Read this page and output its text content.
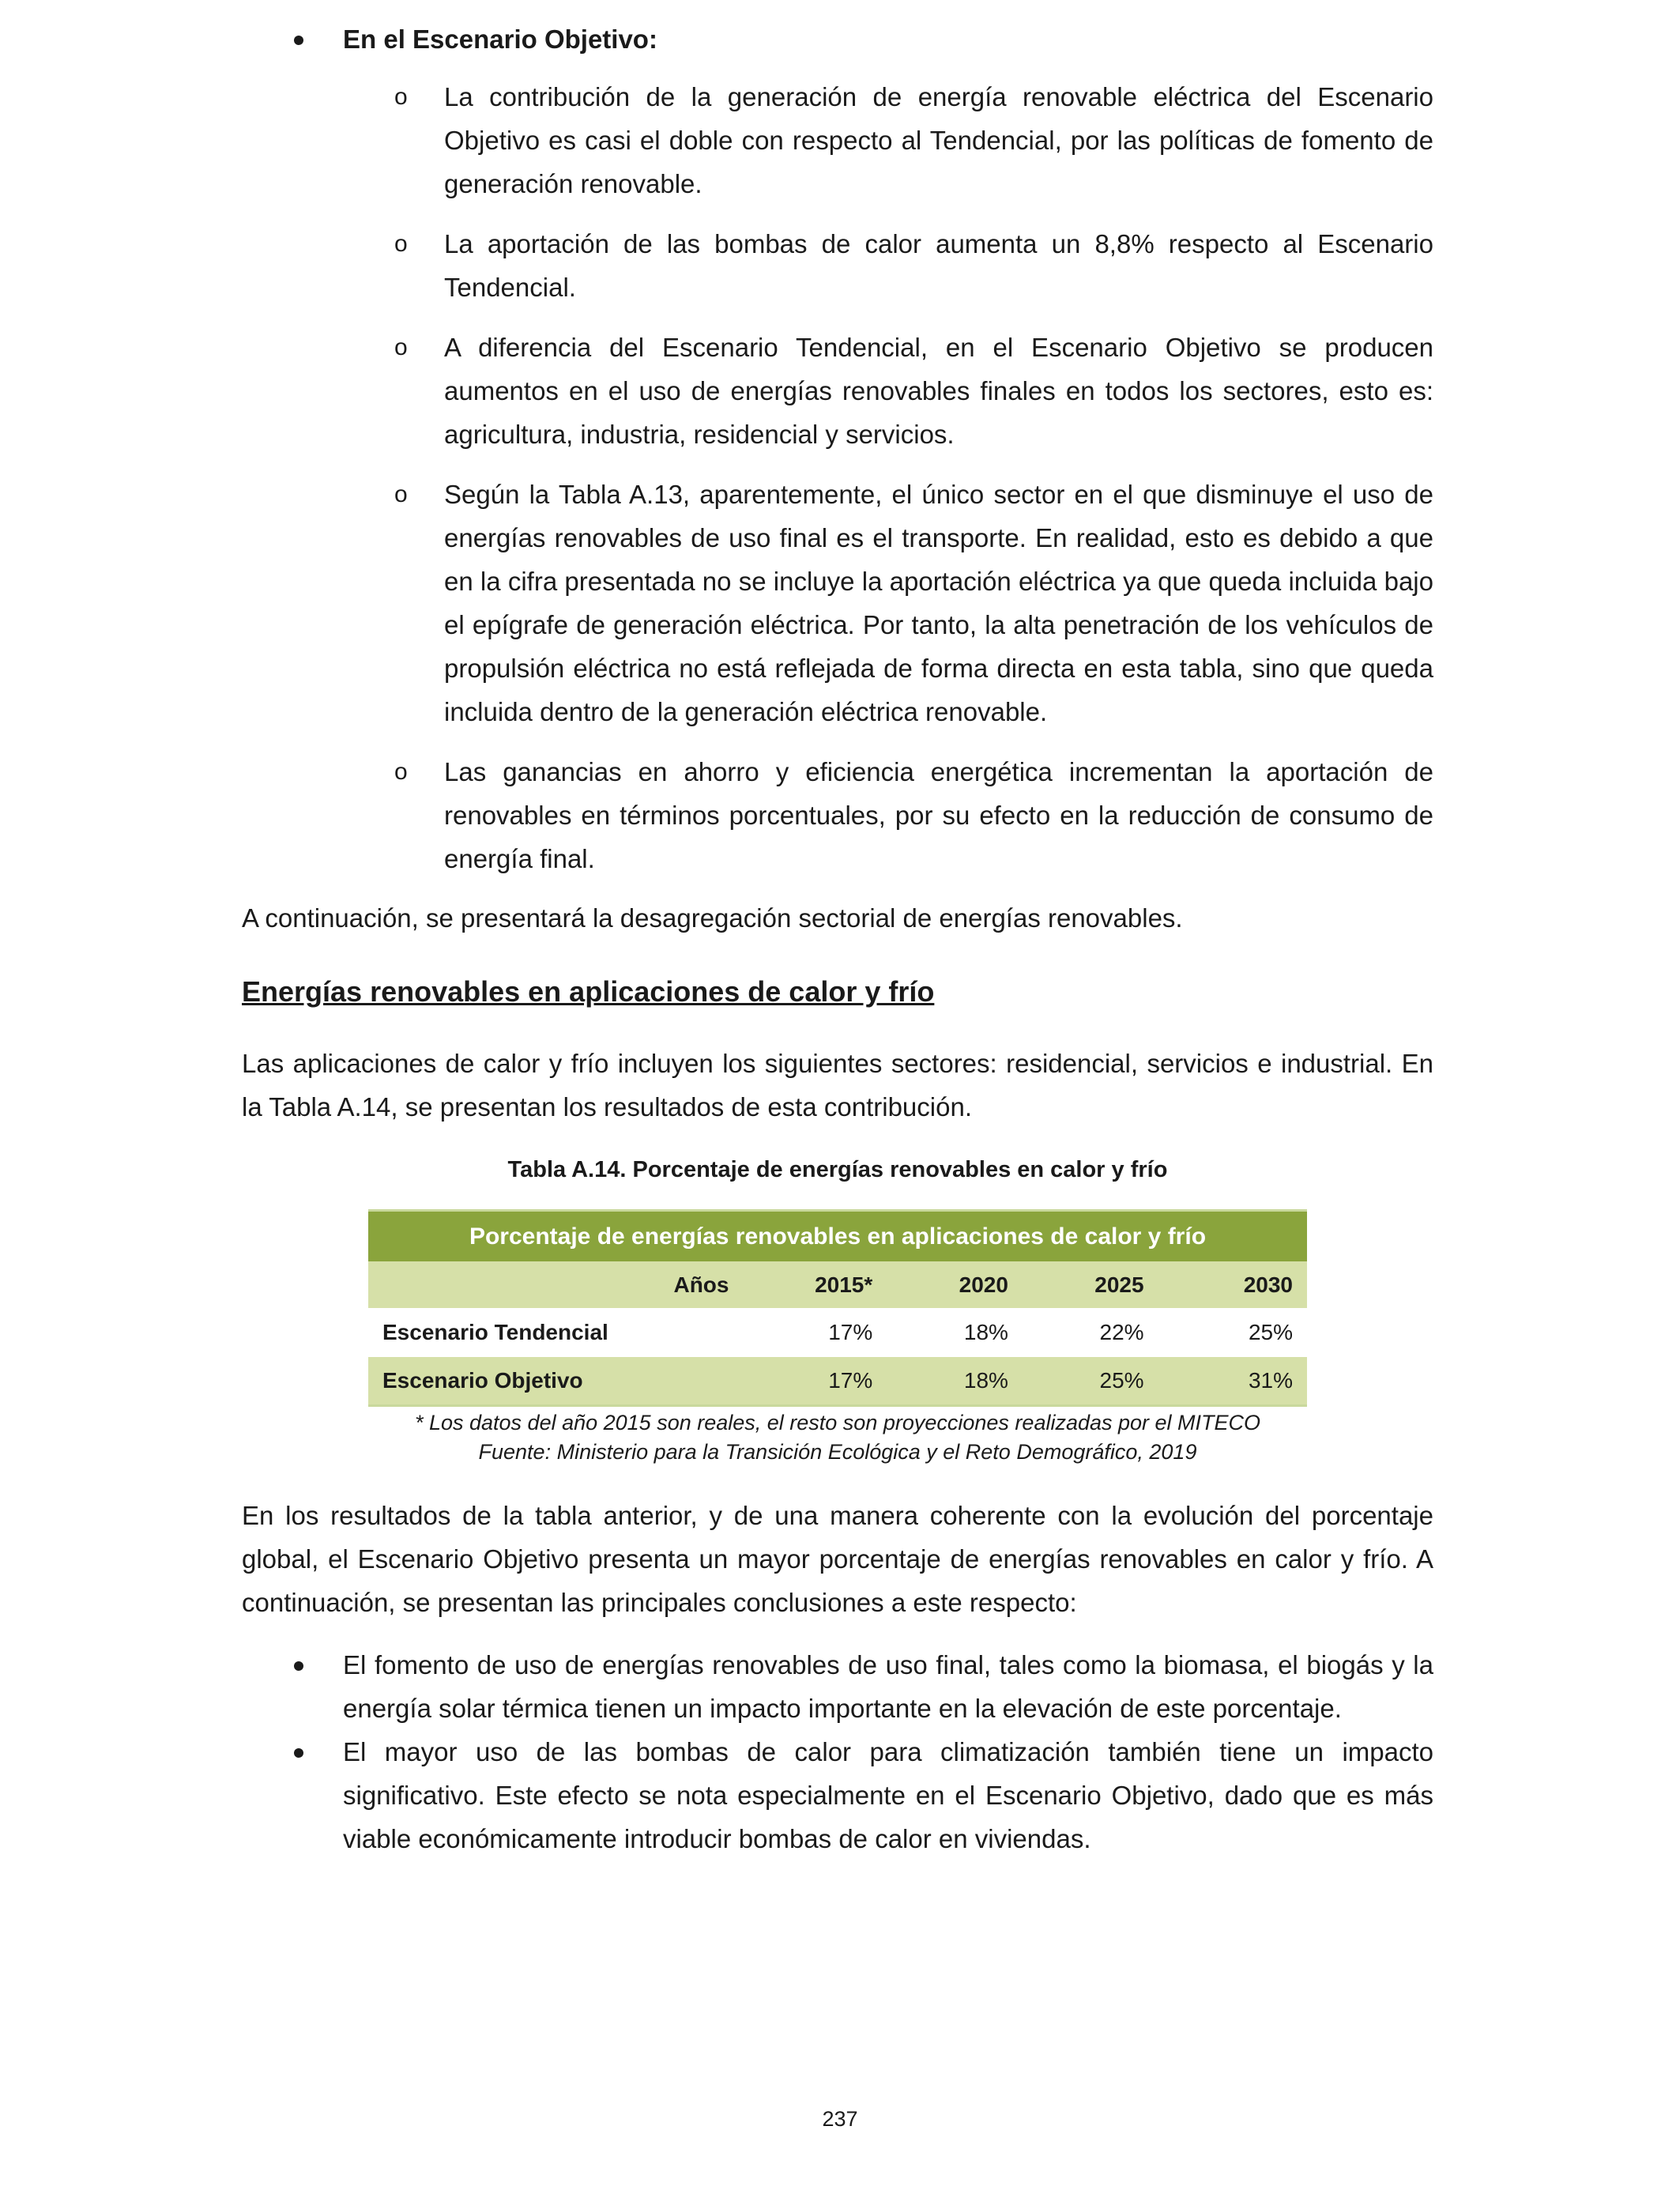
En el Escenario Objetivo:
o La contribución de la generación de energía renovable eléctrica del Escenario Objetivo es casi el doble con respecto al Tendencial, por las políticas de fomento de generación renovable.
o La aportación de las bombas de calor aumenta un 8,8% respecto al Escenario Tendencial.
o A diferencia del Escenario Tendencial, en el Escenario Objetivo se producen aumentos en el uso de energías renovables finales en todos los sectores, esto es: agricultura, industria, residencial y servicios.
o Según la Tabla A.13, aparentemente, el único sector en el que disminuye el uso de energías renovables de uso final es el transporte. En realidad, esto es debido a que en la cifra presentada no se incluye la aportación eléctrica ya que queda incluida bajo el epígrafe de generación eléctrica. Por tanto, la alta penetración de los vehículos de propulsión eléctrica no está reflejada de forma directa en esta tabla, sino que queda incluida dentro de la generación eléctrica renovable.
o Las ganancias en ahorro y eficiencia energética incrementan la aportación de renovables en términos porcentuales, por su efecto en la reducción de consumo de energía final.

A continuación, se presentará la desagregación sectorial de energías renovables.

Energías renovables en aplicaciones de calor y frío

Las aplicaciones de calor y frío incluyen los siguientes sectores: residencial, servicios e industrial. En la Tabla A.14, se presentan los resultados de esta contribución.

Tabla A.14. Porcentaje de energías renovables en calor y frío

Porcentaje de energías renovables en aplicaciones de calor y frío					
	Años	2015*	2020	2025	2030
Escenario Tendencial		17%	18%	22%	25%
Escenario Objetivo		17%	18%	25%	31%

* Los datos del año 2015 son reales, el resto son proyecciones realizadas por el MITECO

Fuente: Ministerio para la Transición Ecológica y el Reto Demográfico, 2019

En los resultados de la tabla anterior, y de una manera coherente con la evolución del porcentaje global, el Escenario Objetivo presenta un mayor porcentaje de energías renovables en calor y frío. A continuación, se presentan las principales conclusiones a este respecto:

El fomento de uso de energías renovables de uso final, tales como la biomasa, el biogás y la energía solar térmica tienen un impacto importante en la elevación de este porcentaje.
El mayor uso de las bombas de calor para climatización también tiene un impacto significativo. Este efecto se nota especialmente en el Escenario Objetivo, dado que es más viable económicamente introducir bombas de calor en viviendas.
237
